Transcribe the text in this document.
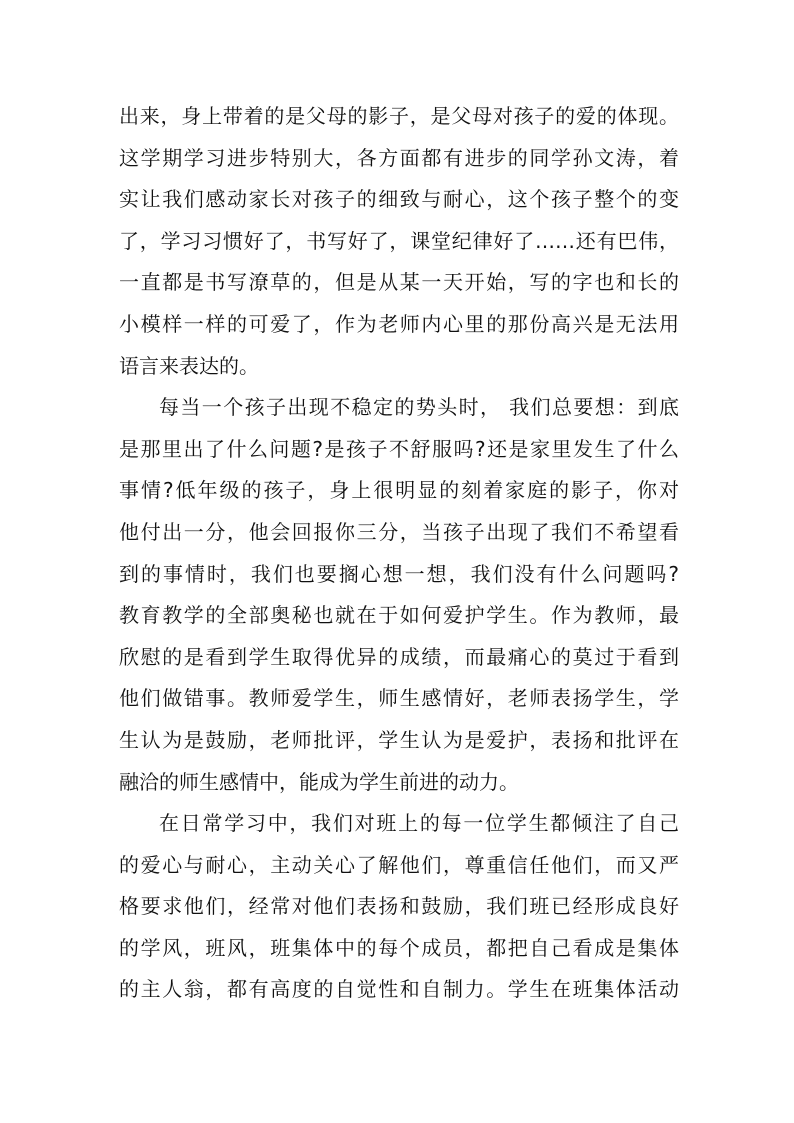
出来，身上带着的是父母的影子，是父母对孩子的爱的体现。
这学期学习进步特别大，各方面都有进步的同学孙文涛，着
实让我们感动家长对孩子的细致与耐心，这个孩子整个的变
了，学习习惯好了，书写好了，课堂纪律好了……还有巴伟，
一直都是书写潦草的，但是从某一天开始，写的字也和长的
小模样一样的可爱了，作为老师内心里的那份高兴是无法用
语言来表达的。
每当一个孩子出现不稳定的势头时， 我们总要想：到底
是那里出了什么问题?是孩子不舒服吗?还是家里发生了什么
事情?低年级的孩子，身上很明显的刻着家庭的影子，你对
他付出一分，他会回报你三分，当孩子出现了我们不希望看
到的事情时，我们也要搁心想一想，我们没有什么问题吗?
教育教学的全部奥秘也就在于如何爱护学生。作为教师，最
欣慰的是看到学生取得优异的成绩，而最痛心的莫过于看到
他们做错事。教师爱学生，师生感情好，老师表扬学生，学
生认为是鼓励，老师批评，学生认为是爱护，表扬和批评在
融洽的师生感情中，能成为学生前进的动力。
在日常学习中，我们对班上的每一位学生都倾注了自己
的爱心与耐心，主动关心了解他们，尊重信任他们，而又严
格要求他们，经常对他们表扬和鼓励，我们班已经形成良好
的学风，班风，班集体中的每个成员，都把自己看成是集体
的主人翁，都有高度的自觉性和自制力。学生在班集体活动
